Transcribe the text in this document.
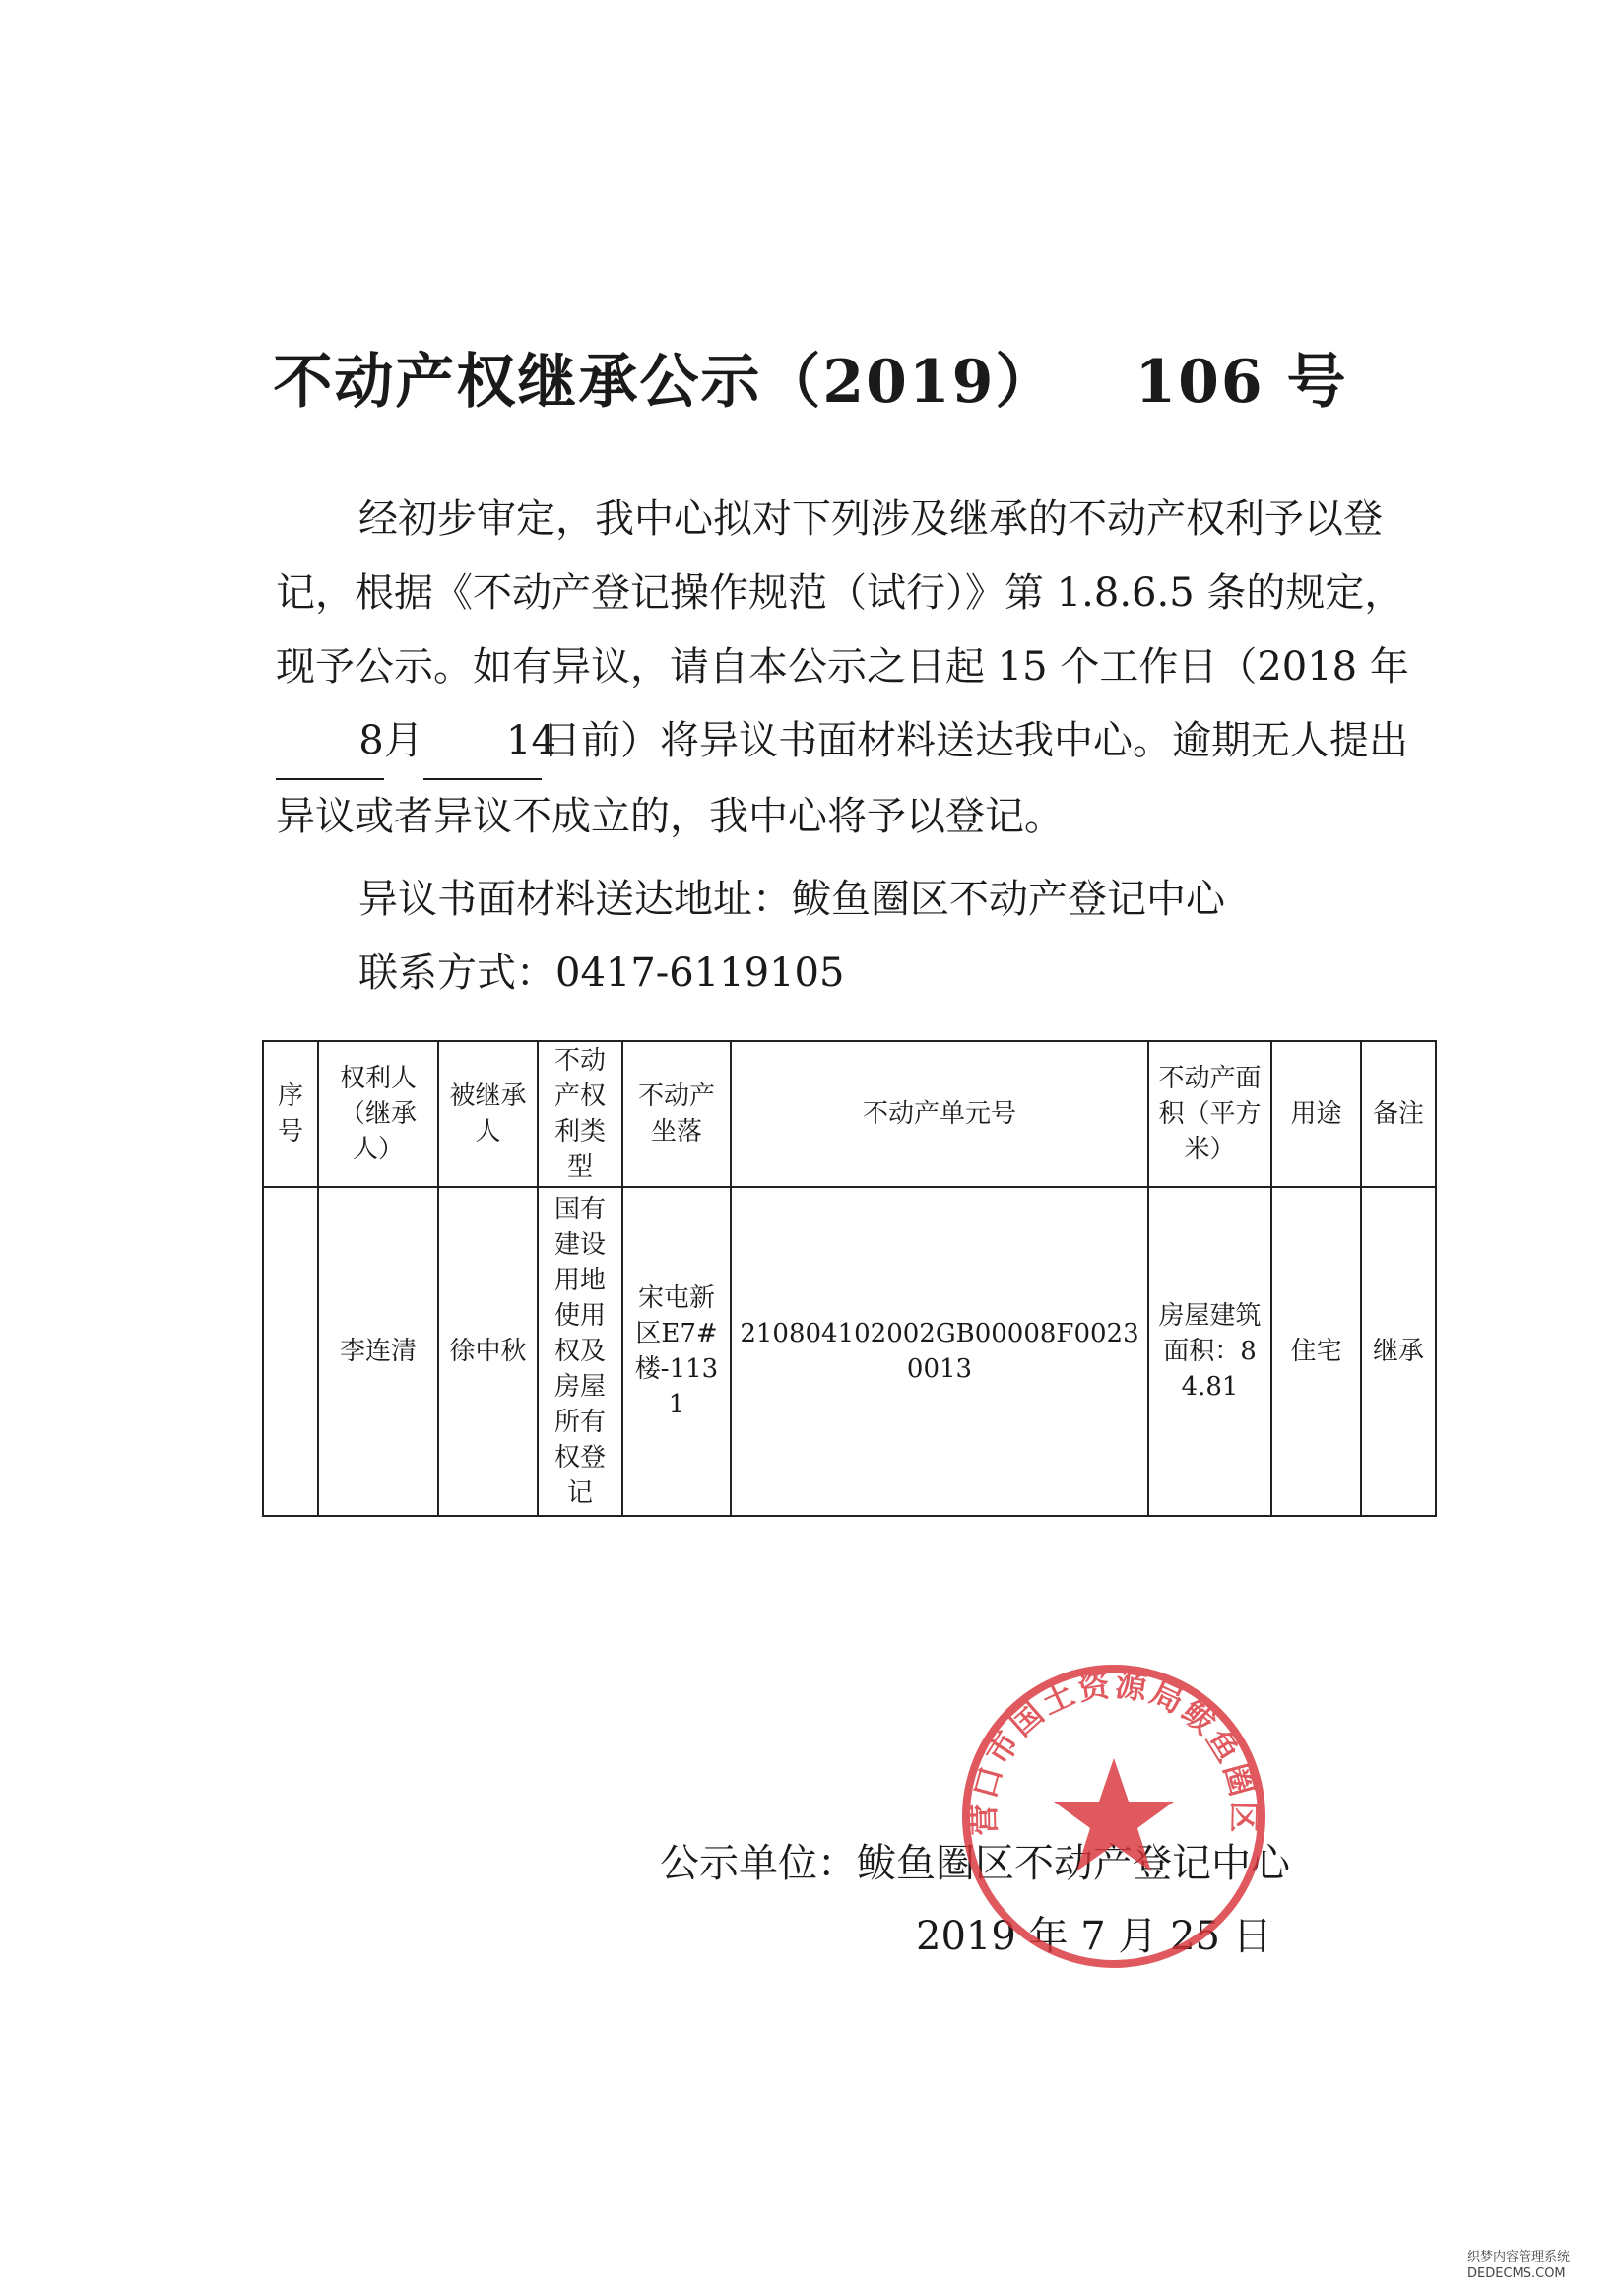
不动产权继承公示（2019） 106 号

经初步审定，我中心拟对下列涉及继承的不动产权利予以登记，根据《不动产登记操作规范（试行）》第 1.8.6.5 条的规定，现予公示。如有异议，请自本公示之日起 15 个工作日（2018 年8月 14日前）将异议书面材料送达我中心。逾期无人提出异议或者异议不成立的，我中心将予以登记。

异议书面材料送达地址：鲅鱼圈区不动产登记中心
联系方式：0417-6119105
序号	权利人（继承人）	被继承人	不动产权利类型	不动产坐落	不动产单元号	不动产面积（平方米）	用途	备注
	李连清	徐中秋	国有建设用地使用权及房屋所有权登记	宋屯新区E7#楼-1131	210804102002GB00008F00230013	房屋建筑面积：84.81	住宅	继承
公示单位：鲅鱼圈区不动产登记中心
2019 年 7 月 25 日
营口市国土资源局鲅鱼圈区
织梦内容管理系统
DEDECMS.COM
